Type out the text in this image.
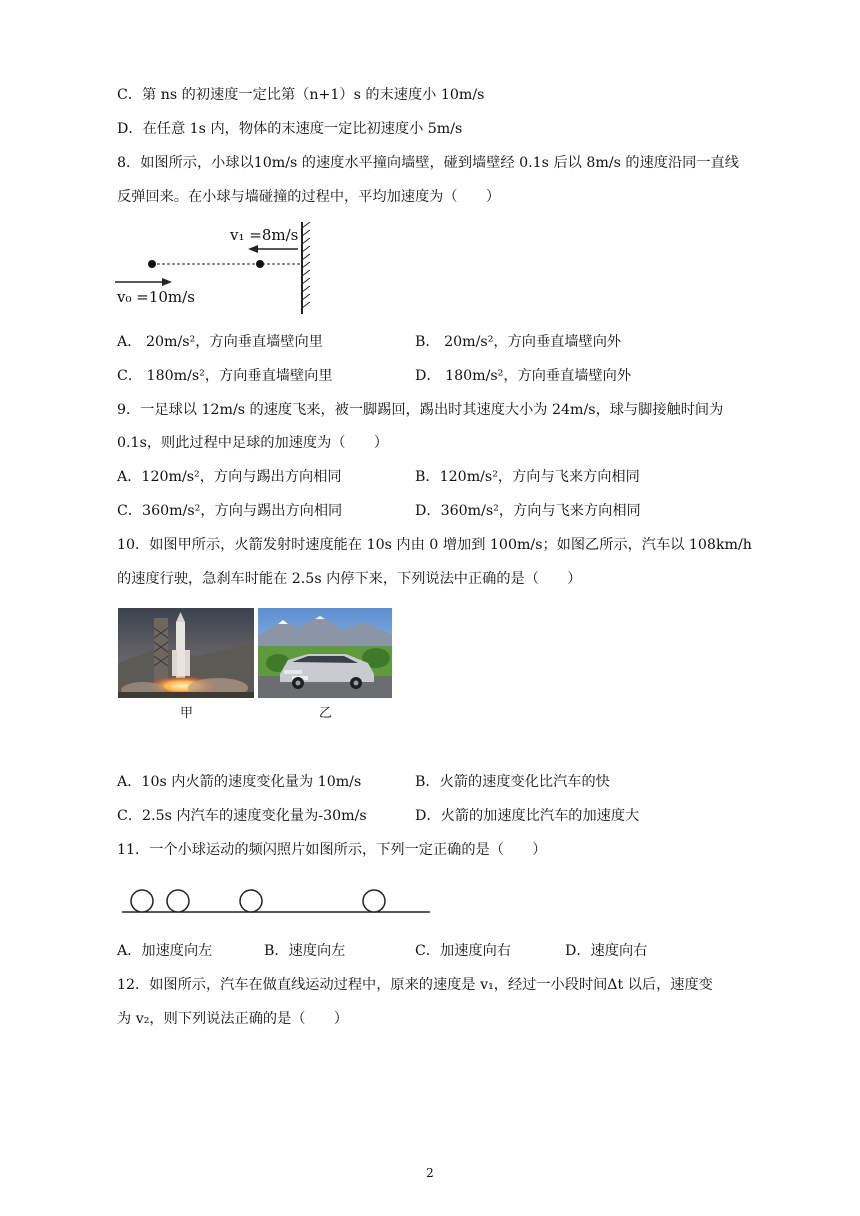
C．第 ns 的初速度一定比第（n+1）s 的末速度小 10m/s
D．在任意 1s 内，物体的末速度一定比初速度小 5m/s
8．如图所示，小球以10m/s 的速度水平撞向墙壁，碰到墙壁经 0.1s 后以 8m/s 的速度沿同一直线
反弹回来。在小球与墙碰撞的过程中，平均加速度为（　　）
v₁ =8m/s
v₀ =10m/s
A． 20m/s²，方向垂直墙壁向里	B． 20m/s²，方向垂直墙壁向外
C． 180m/s²，方向垂直墙壁向里	D． 180m/s²，方向垂直墙壁向外
9．一足球以 12m/s 的速度飞来，被一脚踢回，踢出时其速度大小为 24m/s，球与脚接触时间为
0.1s，则此过程中足球的加速度为（　　）
A．120m/s²，方向与踢出方向相同	B．120m/s²，方向与飞来方向相同
C．360m/s²，方向与踢出方向相同	D．360m/s²，方向与飞来方向相同
10．如图甲所示，火箭发射时速度能在 10s 内由 0 增加到 100m/s；如图乙所示，汽车以 108km/h
的速度行驶，急刹车时能在 2.5s 内停下来，下列说法中正确的是（　　）
甲	乙
A．10s 内火箭的速度变化量为 10m/s	B．火箭的速度变化比汽车的快
C．2.5s 内汽车的速度变化量为-30m/s	D．火箭的加速度比汽车的加速度大
11．一个小球运动的频闪照片如图所示，下列一定正确的是（　　）
A．加速度向左	B．速度向左	C．加速度向右	D．速度向右
12．如图所示，汽车在做直线运动过程中，原来的速度是 v₁，经过一小段时间Δt 以后，速度变
为 v₂，则下列说法正确的是（　　）
2
